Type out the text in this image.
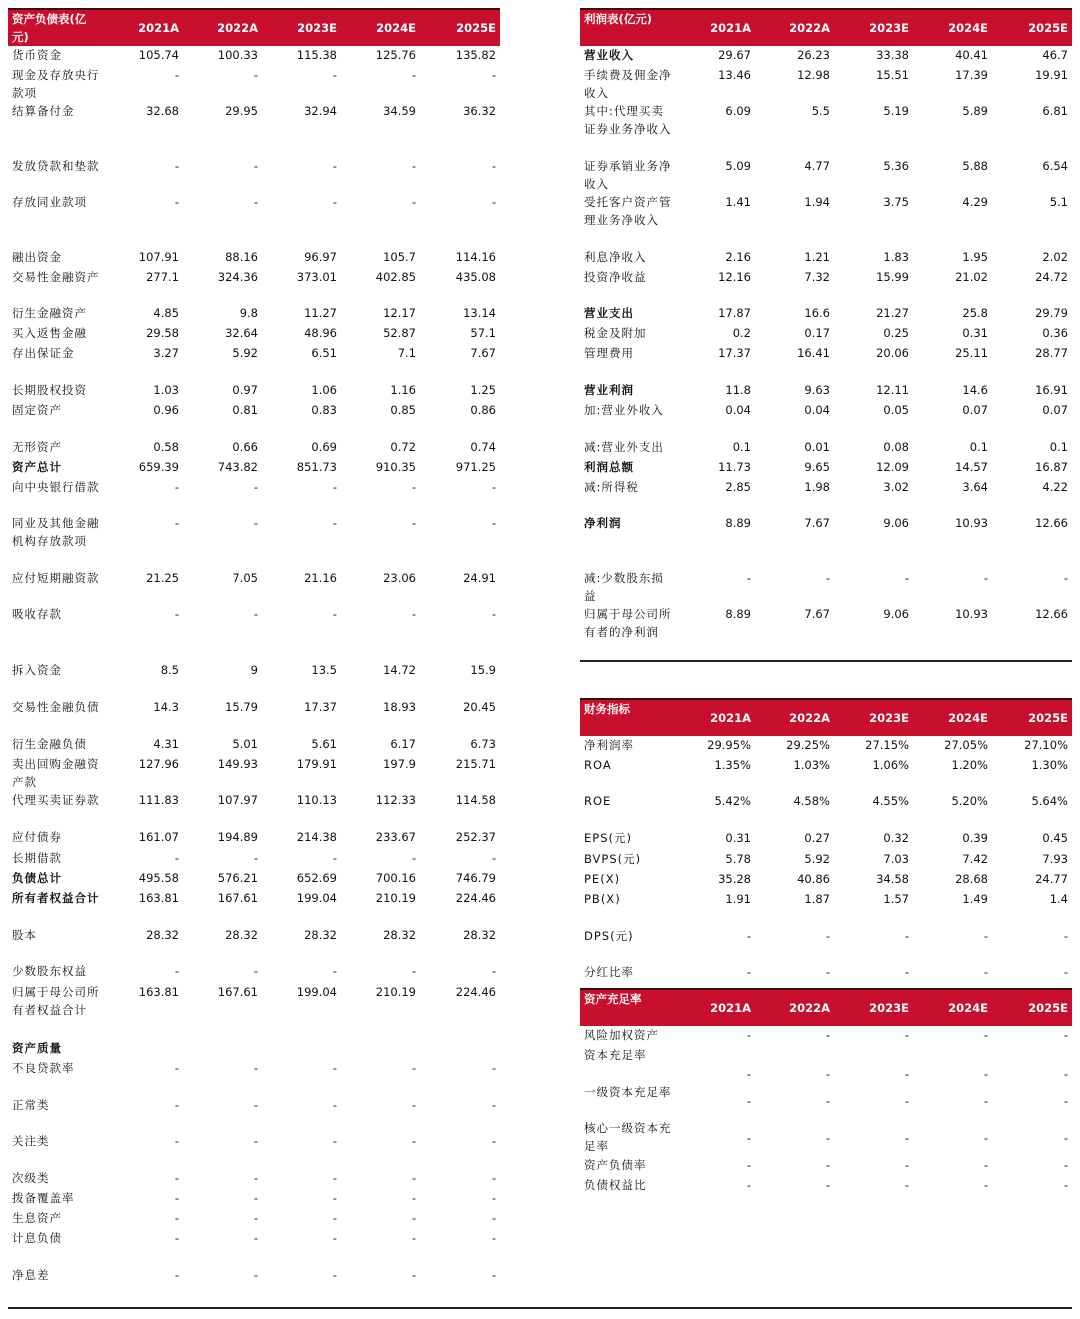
资产负债表(亿元)	2021A	2022A	2023E	2024E	2025E
货币资金	105.74	100.33	115.38	125.76	135.82
现金及存放央行款项	-	-	-	-	-
结算备付金	32.68	29.95	32.94	34.59	36.32
发放贷款和垫款	-	-	-	-	-
存放同业款项	-	-	-	-	-
融出资金	107.91	88.16	96.97	105.7	114.16
交易性金融资产	277.1	324.36	373.01	402.85	435.08
衍生金融资产	4.85	9.8	11.27	12.17	13.14
买入返售金融	29.58	32.64	48.96	52.87	57.1
存出保证金	3.27	5.92	6.51	7.1	7.67
长期股权投资	1.03	0.97	1.06	1.16	1.25
固定资产	0.96	0.81	0.83	0.85	0.86
无形资产	0.58	0.66	0.69	0.72	0.74
资产总计	659.39	743.82	851.73	910.35	971.25
向中央银行借款	-	-	-	-	-
同业及其他金融机构存放款项	-	-	-	-	-
应付短期融资款	21.25	7.05	21.16	23.06	24.91
吸收存款	-	-	-	-	-
拆入资金	8.5	9	13.5	14.72	15.9
交易性金融负债	14.3	15.79	17.37	18.93	20.45
衍生金融负债	4.31	5.01	5.61	6.17	6.73
卖出回购金融资产款	127.96	149.93	179.91	197.9	215.71
代理买卖证券款	111.83	107.97	110.13	112.33	114.58
应付债券	161.07	194.89	214.38	233.67	252.37
长期借款	-	-	-	-	-
负债总计	495.58	576.21	652.69	700.16	746.79
所有者权益合计	163.81	167.61	199.04	210.19	224.46
股本	28.32	28.32	28.32	28.32	28.32
少数股东权益	-	-	-	-	-
归属于母公司所有者权益合计	163.81	167.61	199.04	210.19	224.46
资产质量					
不良贷款率	-	-	-	-	-
正常类	-	-	-	-	-
关注类	-	-	-	-	-
次级类	-	-	-	-	-
拨备覆盖率	-	-	-	-	-
生息资产	-	-	-	-	-
计息负债	-	-	-	-	-
净息差	-	-	-	-	-
利润表(亿元)	2021A	2022A	2023E	2024E	2025E
营业收入	29.67	26.23	33.38	40.41	46.7
手续费及佣金净收入	13.46	12.98	15.51	17.39	19.91
其中:代理买卖证券业务净收入	6.09	5.5	5.19	5.89	6.81
证券承销业务净收入	5.09	4.77	5.36	5.88	6.54
受托客户资产管理业务净收入	1.41	1.94	3.75	4.29	5.1
利息净收入	2.16	1.21	1.83	1.95	2.02
投资净收益	12.16	7.32	15.99	21.02	24.72
营业支出	17.87	16.6	21.27	25.8	29.79
税金及附加	0.2	0.17	0.25	0.31	0.36
管理费用	17.37	16.41	20.06	25.11	28.77
营业利润	11.8	9.63	12.11	14.6	16.91
加:营业外收入	0.04	0.04	0.05	0.07	0.07
减:营业外支出	0.1	0.01	0.08	0.1	0.1
利润总额	11.73	9.65	12.09	14.57	16.87
减:所得税	2.85	1.98	3.02	3.64	4.22
净利润	8.89	7.67	9.06	10.93	12.66
减:少数股东损益	-	-	-	-	-
归属于母公司所有者的净利润	8.89	7.67	9.06	10.93	12.66
财务指标	2021A	2022A	2023E	2024E	2025E
净利润率	29.95%	29.25%	27.15%	27.05%	27.10%
ROA	1.35%	1.03%	1.06%	1.20%	1.30%
ROE	5.42%	4.58%	4.55%	5.20%	5.64%
EPS(元)	0.31	0.27	0.32	0.39	0.45
BVPS(元)	5.78	5.92	7.03	7.42	7.93
PE(X)	35.28	40.86	34.58	28.68	24.77
PB(X)	1.91	1.87	1.57	1.49	1.4
DPS(元)	-	-	-	-	-
分红比率	-	-	-	-	-
资产充足率	2021A	2022A	2023E	2024E	2025E
风险加权资产	-	-	-	-	-
资本充足率	-	-	-	-	-
一级资本充足率	-	-	-	-	-
核心一级资本充足率	-	-	-	-	-
资产负债率	-	-	-	-	-
负债权益比	-	-	-	-	-
